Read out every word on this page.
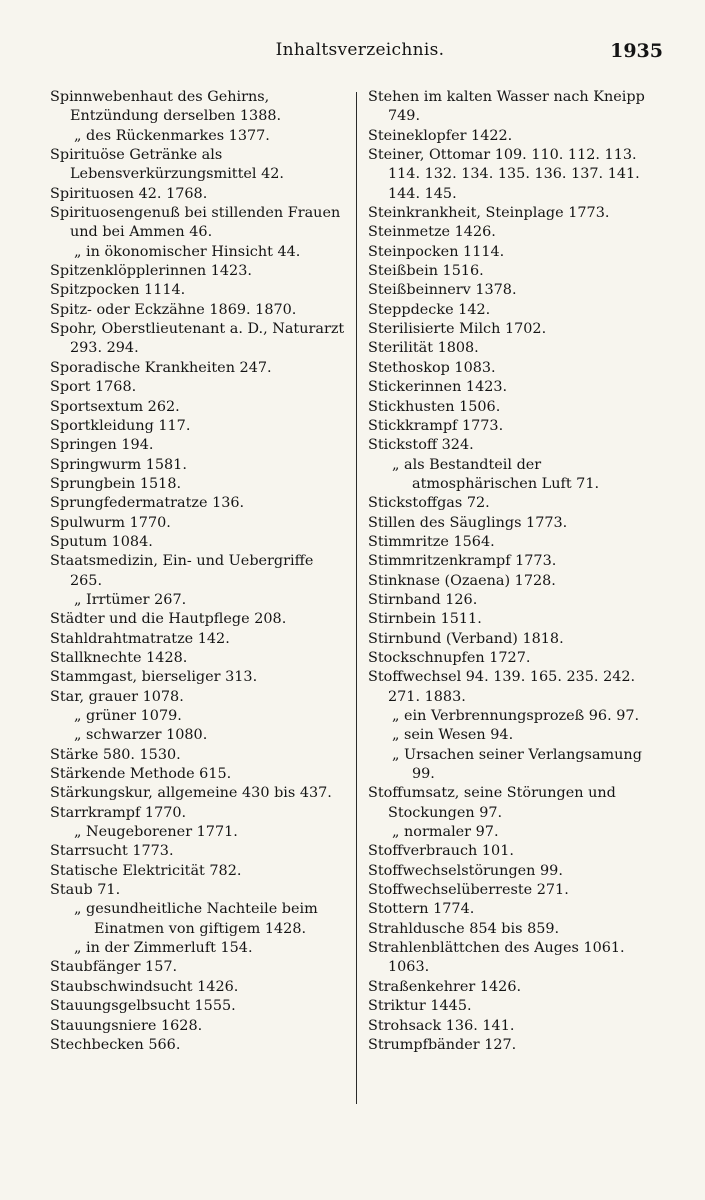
Inhaltsverzeichnis.	1935
Spinnwebenhaut des Gehirns, Entzündung derselben 1388.
„ des Rückenmarkes 1377.
Spirituöse Getränke als Lebensverkürzungsmittel 42.
Spirituosen 42. 1768.
Spirituosengenuß bei stillenden Frauen und bei Ammen 46.
„ in ökonomischer Hinsicht 44.
Spitzenklöpplerinnen 1423.
Spitzpocken 1114.
Spitz- oder Eckzähne 1869. 1870.
Spohr, Oberstlieutenant a. D., Naturarzt 293. 294.
Sporadische Krankheiten 247.
Sport 1768.
Sportsextum 262.
Sportkleidung 117.
Springen 194.
Springwurm 1581.
Sprungbein 1518.
Sprungfedermatratze 136.
Spulwurm 1770.
Sputum 1084.
Staatsmedizin, Ein- und Uebergriffe 265.
„ Irrtümer 267.
Städter und die Hautpflege 208.
Stahldrahtmatratze 142.
Stallknechte 1428.
Stammgast, bierseliger 313.
Star, grauer 1078.
„ grüner 1079.
„ schwarzer 1080.
Stärke 580. 1530.
Stärkende Methode 615.
Stärkungskur, allgemeine 430 bis 437.
Starrkrampf 1770.
„ Neugeborener 1771.
Starrsucht 1773.
Statische Elektricität 782.
Staub 71.
„ gesundheitliche Nachteile beim Einatmen von giftigem 1428.
„ in der Zimmerluft 154.
Staubfänger 157.
Staubschwindsucht 1426.
Stauungsgelbsucht 1555.
Stauungsniere 1628.
Stechbecken 566.
Stehen im kalten Wasser nach Kneipp 749.
Steineklopfer 1422.
Steiner, Ottomar 109. 110. 112. 113. 114. 132. 134. 135. 136. 137. 141. 144. 145.
Steinkrankheit, Steinplage 1773.
Steinmetze 1426.
Steinpocken 1114.
Steißbein 1516.
Steißbeinnerv 1378.
Steppdecke 142.
Sterilisierte Milch 1702.
Sterilität 1808.
Stethoskop 1083.
Stickerinnen 1423.
Stickhusten 1506.
Stickkrampf 1773.
Stickstoff 324.
„ als Bestandteil der atmosphärischen Luft 71.
Stickstoffgas 72.
Stillen des Säuglings 1773.
Stimmritze 1564.
Stimmritzenkrampf 1773.
Stinknase (Ozaena) 1728.
Stirnband 126.
Stirnbein 1511.
Stirnbund (Verband) 1818.
Stockschnupfen 1727.
Stoffwechsel 94. 139. 165. 235. 242. 271. 1883.
„ ein Verbrennungsprozeß 96. 97.
„ sein Wesen 94.
„ Ursachen seiner Verlangsamung 99.
Stoffumsatz, seine Störungen und Stockungen 97.
„ normaler 97.
Stoffverbrauch 101.
Stoffwechselstörungen 99.
Stoffwechselüberreste 271.
Stottern 1774.
Strahldusche 854 bis 859.
Strahlenblättchen des Auges 1061. 1063.
Straßenkehrer 1426.
Striktur 1445.
Strohsack 136. 141.
Strumpfbänder 127.
